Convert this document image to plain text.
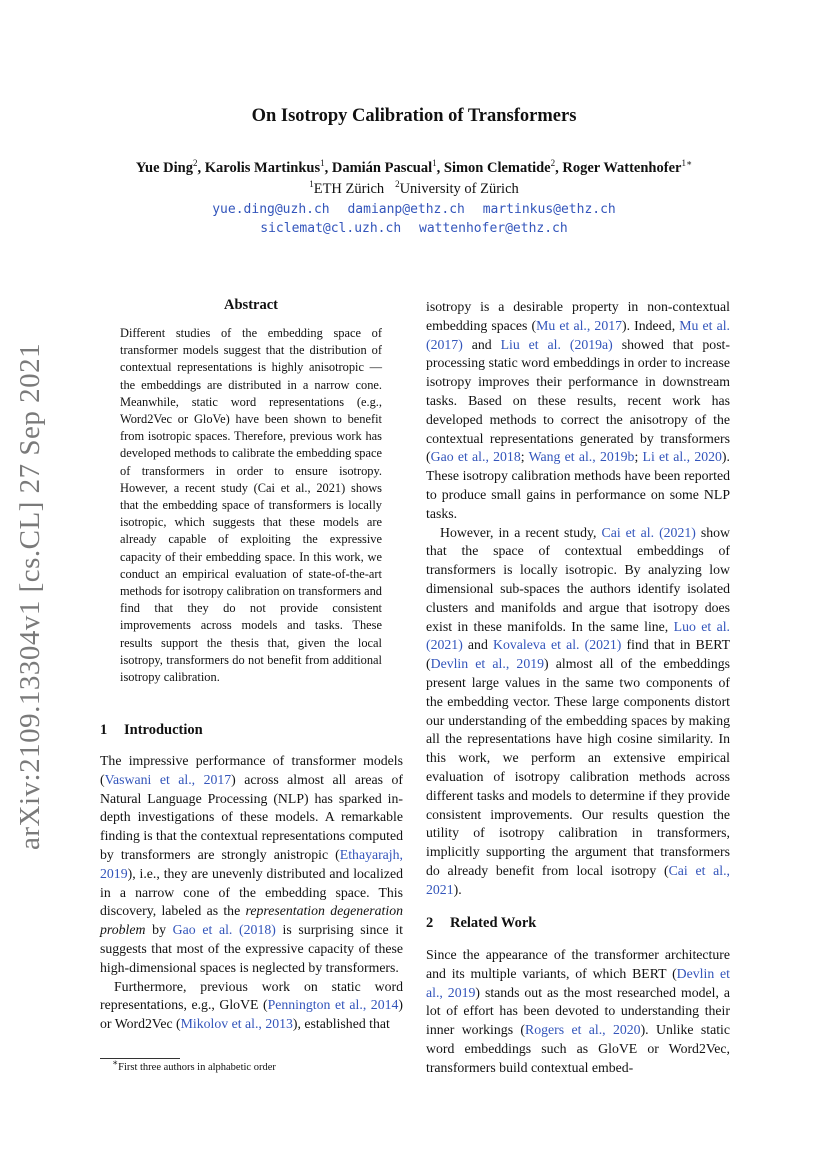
arXiv:2109.13304v1 [cs.CL] 27 Sep 2021
On Isotropy Calibration of Transformers
Yue Ding$^2$, Karolis Martinkus$^1$, Damián Pascual$^1$, Simon Clematide$^2$, Roger Wattenhofer$^{1∗}$
$^1$ETH Zürich $^2$University of Zürich
yue.ding@uzh.ch damianp@ethz.ch martinkus@ethz.ch
siclemat@cl.uzh.ch wattenhofer@ethz.ch
Abstract
Different studies of the embedding space of transformer models suggest that the distribution of contextual representations is highly anisotropic — the embeddings are distributed in a narrow cone. Meanwhile, static word representations (e.g., Word2Vec or GloVe) have been shown to benefit from isotropic spaces. Therefore, previous work has developed methods to calibrate the embedding space of transformers in order to ensure isotropy. However, a recent study (Cai et al., 2021) shows that the embedding space of transformers is locally isotropic, which suggests that these models are already capable of exploiting the expressive capacity of their embedding space. In this work, we conduct an empirical evaluation of state-of-the-art methods for isotropy calibration on transformers and find that they do not provide consistent improvements across models and tasks. These results support the thesis that, given the local isotropy, transformers do not benefit from additional isotropy calibration.
1 Introduction

The impressive performance of transformer models (Vaswani et al., 2017) across almost all areas of Natural Language Processing (NLP) has sparked in-depth investigations of these models. A remarkable finding is that the contextual representations computed by transformers are strongly anistropic (Ethayarajh, 2019), i.e., they are unevenly distributed and localized in a narrow cone of the embedding space. This discovery, labeled as the representation degeneration problem by Gao et al. (2018) is surprising since it suggests that most of the expressive capacity of these high-dimensional spaces is neglected by transformers.

Furthermore, previous work on static word representations, e.g., GloVE (Pennington et al., 2014) or Word2Vec (Mikolov et al., 2013), established that

∗First three authors in alphabetic order

isotropy is a desirable property in non-contextual embedding spaces (Mu et al., 2017). Indeed, Mu et al. (2017) and Liu et al. (2019a) showed that post-processing static word embeddings in order to increase isotropy improves their performance in downstream tasks. Based on these results, recent work has developed methods to correct the anisotropy of the contextual representations generated by transformers (Gao et al., 2018; Wang et al., 2019b; Li et al., 2020). These isotropy calibration methods have been reported to produce small gains in performance on some NLP tasks.

However, in a recent study, Cai et al. (2021) show that the space of contextual embeddings of transformers is locally isotropic. By analyzing low dimensional sub-spaces the authors identify isolated clusters and manifolds and argue that isotropy does exist in these manifolds. In the same line, Luo et al. (2021) and Kovaleva et al. (2021) find that in BERT (Devlin et al., 2019) almost all of the embeddings present large values in the same two components of the embedding vector. These large components distort our understanding of the embedding spaces by making all the representations have high cosine similarity. In this work, we perform an extensive empirical evaluation of isotropy calibration methods across different tasks and models to determine if they provide consistent improvements. Our results question the utility of isotropy calibration in transformers, implicitly supporting the argument that transformers do already benefit from local isotropy (Cai et al., 2021).

2 Related Work

Since the appearance of the transformer architecture and its multiple variants, of which BERT (Devlin et al., 2019) stands out as the most researched model, a lot of effort has been devoted to understanding their inner workings (Rogers et al., 2020). Unlike static word embeddings such as GloVE or Word2Vec, transformers build contextual embed-
